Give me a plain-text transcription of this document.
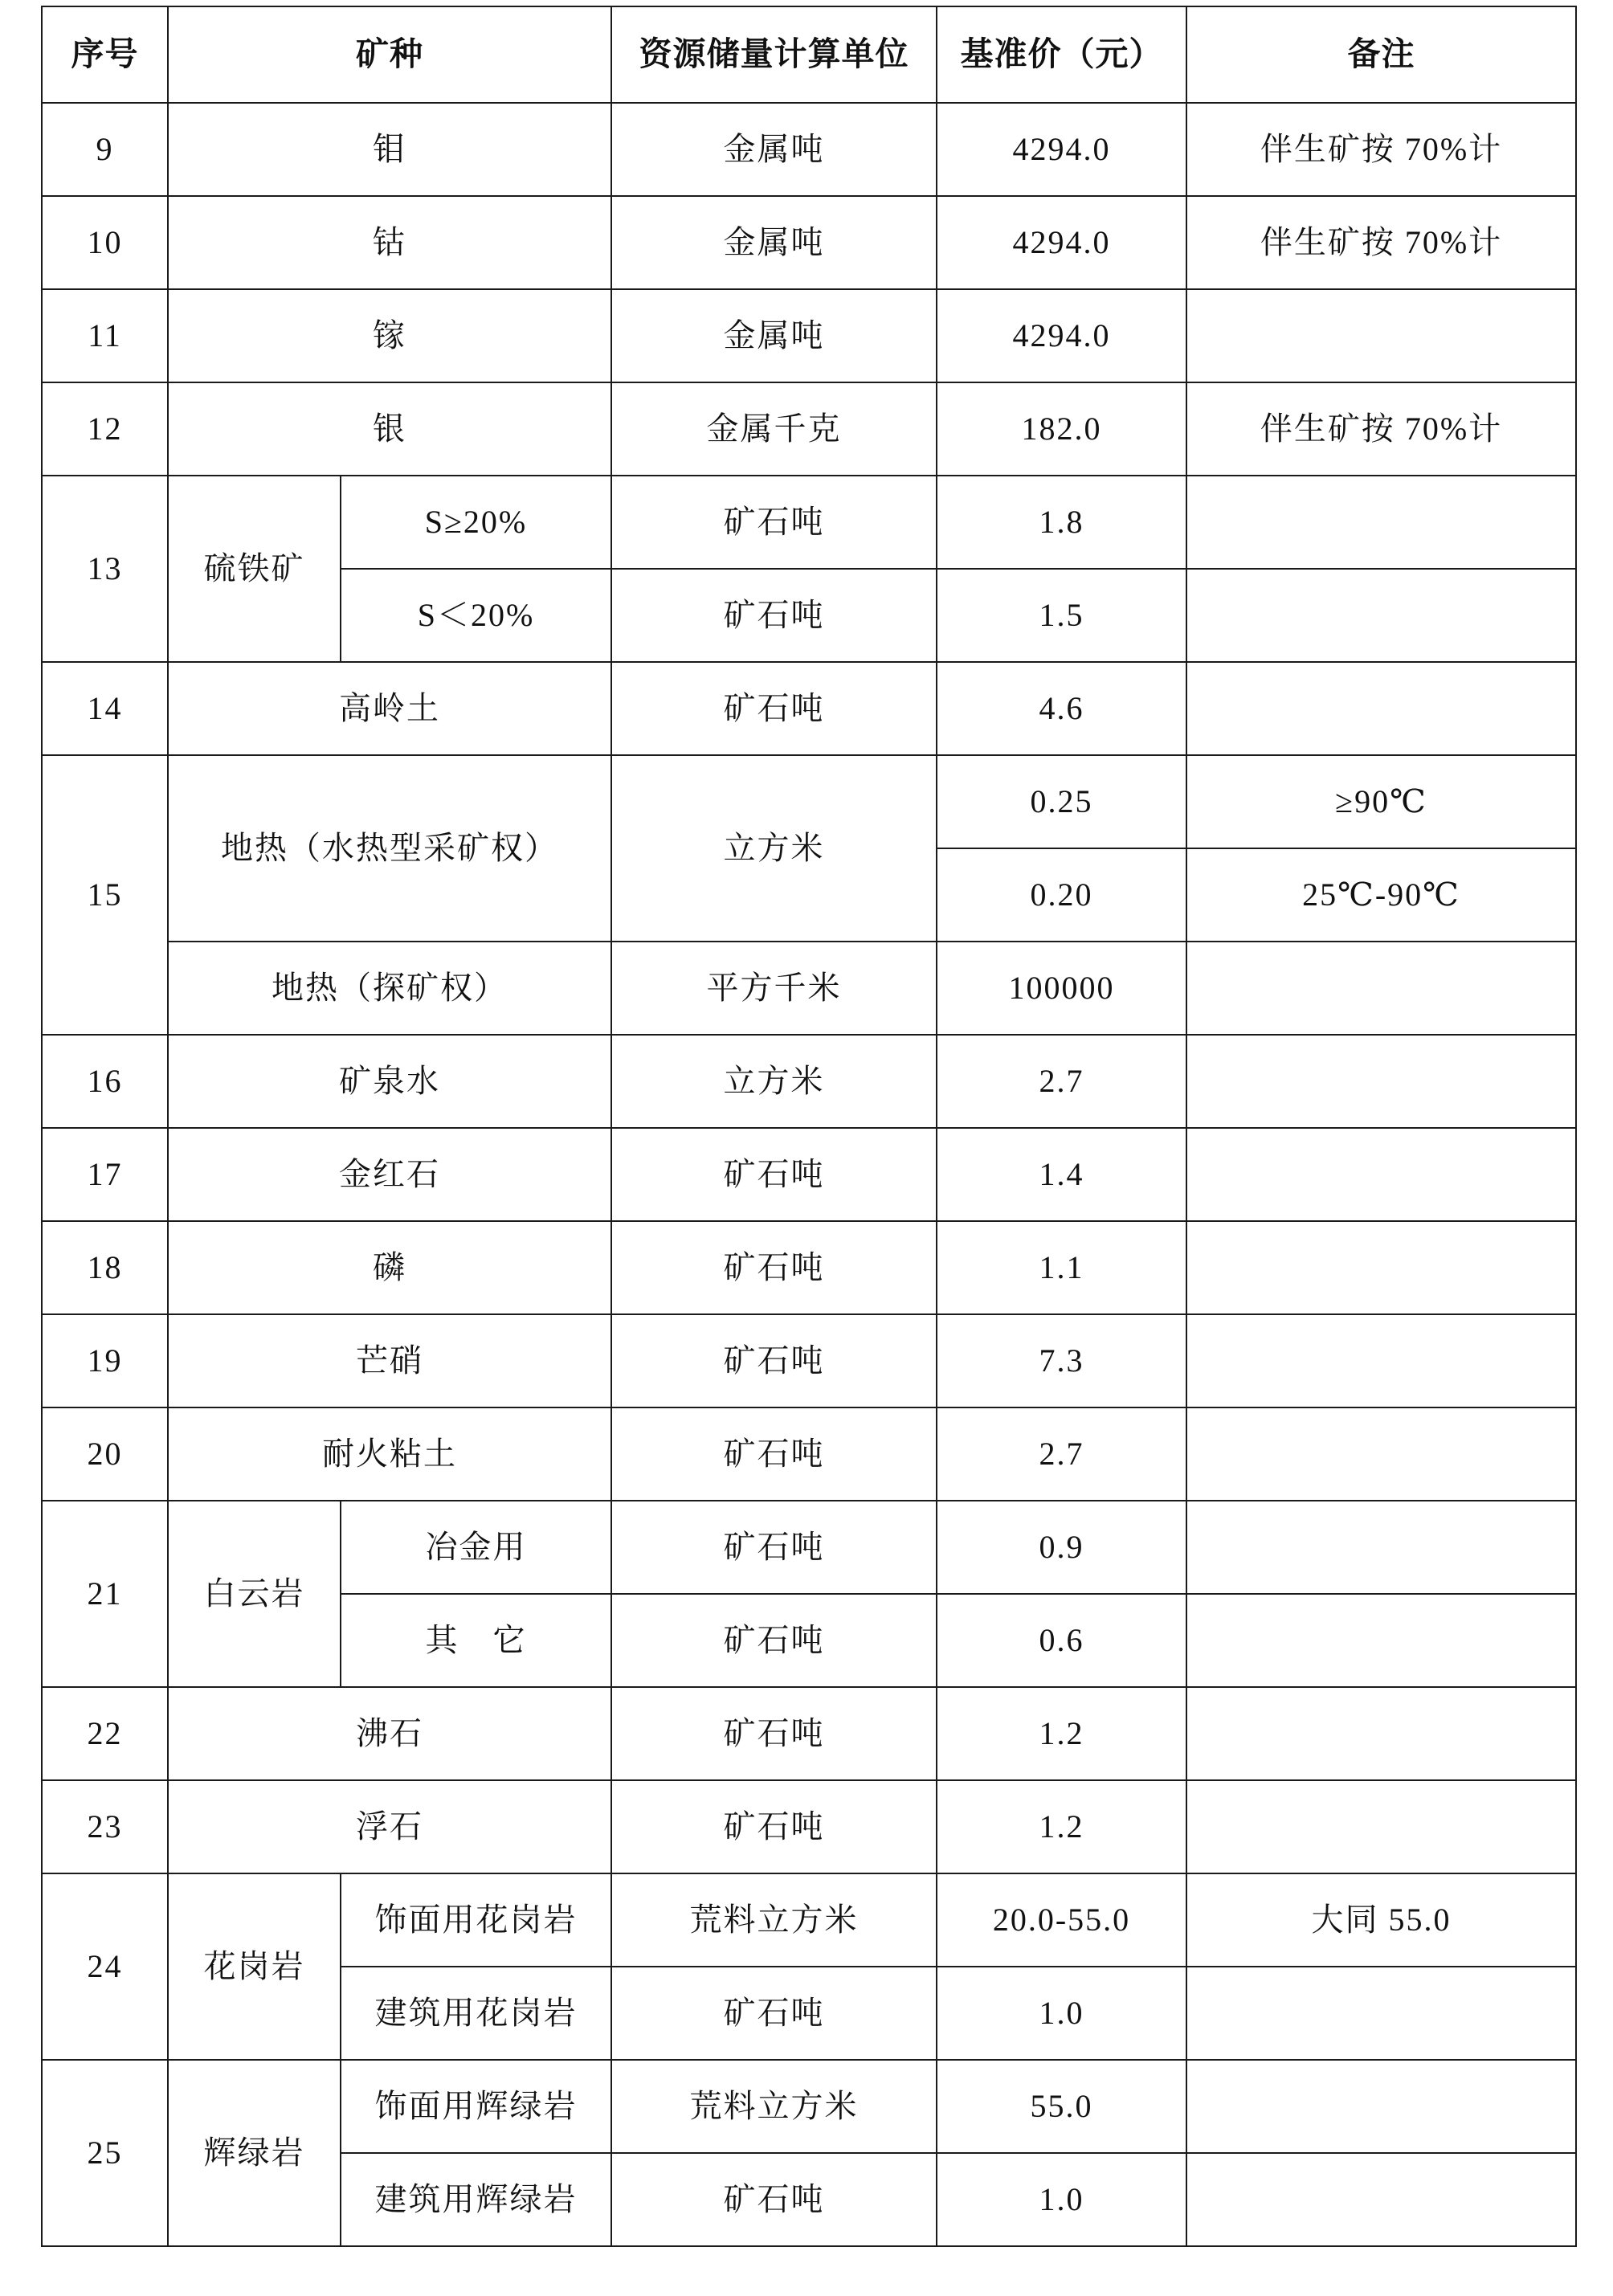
序号	矿种		资源储量计算单位	基准价（元）	备注
9	钼		金属吨	4294.0	伴生矿按 70%计
10	钴		金属吨	4294.0	伴生矿按 70%计
11	镓		金属吨	4294.0	
12	银		金属千克	182.0	伴生矿按 70%计
13	硫铁矿	S≥20%	矿石吨	1.8	
		S＜20%	矿石吨	1.5	
14	高岭土		矿石吨	4.6	
15	地热（水热型采矿权）		立方米	0.25	≥90℃
				0.20	25℃-90℃
	地热（探矿权）		平方千米	100000	
16	矿泉水		立方米	2.7	
17	金红石		矿石吨	1.4	
18	磷		矿石吨	1.1	
19	芒硝		矿石吨	7.3	
20	耐火粘土		矿石吨	2.7	
21	白云岩	冶金用	矿石吨	0.9	
		其　它	矿石吨	0.6	
22	沸石		矿石吨	1.2	
23	浮石		矿石吨	1.2	
24	花岗岩	饰面用花岗岩	荒料立方米	20.0-55.0	大同 55.0
		建筑用花岗岩	矿石吨	1.0	
25	辉绿岩	饰面用辉绿岩	荒料立方米	55.0	
		建筑用辉绿岩	矿石吨	1.0	
